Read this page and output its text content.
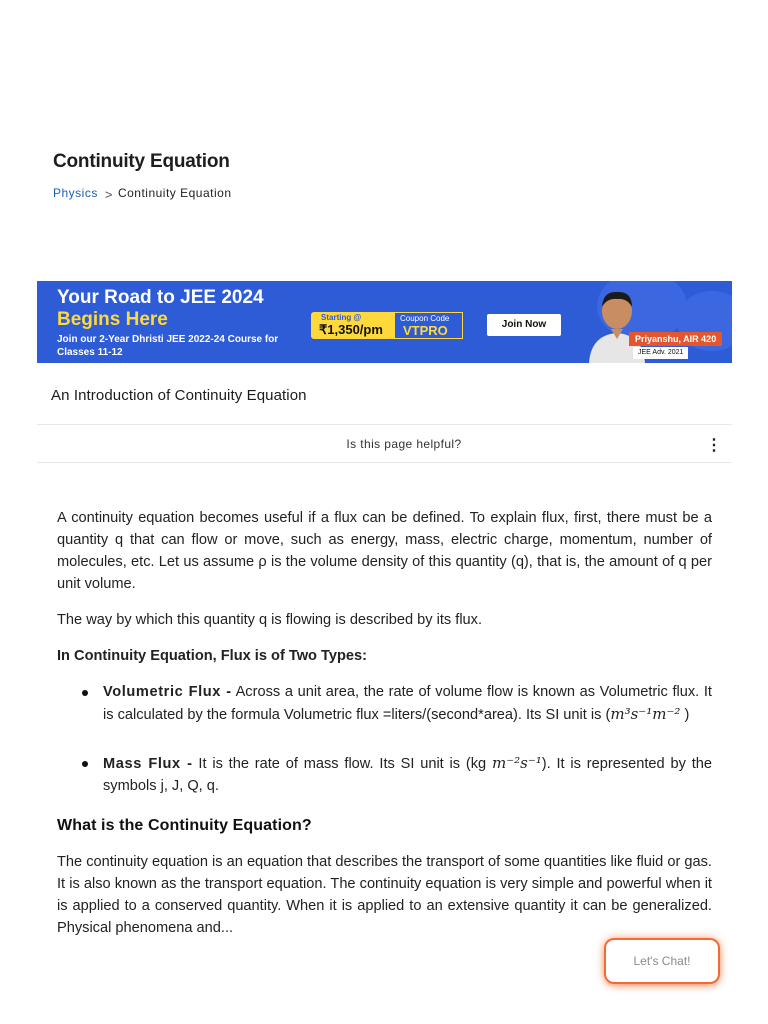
Continuity Equation
Physics > Continuity Equation
Your Road to JEE 2024
Begins Here
Join our 2-Year Dhristi JEE 2022-24 Course for Classes 11-12
Starting @
₹1,350/pm
Coupon Code
VTPRO	Join Now
Priyanshu, AIR 420
JEE Adv. 2021
An Introduction of Continuity Equation
Is this page helpful?	⋮

A continuity equation becomes useful if a flux can be defined. To explain flux, first, there must be a quantity q that can flow or move, such as energy, mass, electric charge, momentum, number of molecules, etc. Let us assume ρ is the volume density of this quantity (q), that is, the amount of q per unit volume.

The way by which this quantity q is flowing is described by its flux.

In Continuity Equation, Flux is of Two Types:

Volumetric Flux - Across a unit area, the rate of volume flow is known as Volumetric flux. It is calculated by the formula Volumetric flux =liters/(second*area). Its SI unit is (m³s⁻¹m⁻² )
Mass Flux - It is the rate of mass flow. Its SI unit is (kg m⁻²s⁻¹). It is represented by the symbols j, J, Q, q.
What is the Continuity Equation?

The continuity equation is an equation that describes the transport of some quantities like fluid or gas. It is also known as the transport equation. The continuity equation is very simple and powerful when it is applied to a conserved quantity. When it is applied to an extensive quantity it can be generalized. Physical phenomena and...

Let's Chat!
